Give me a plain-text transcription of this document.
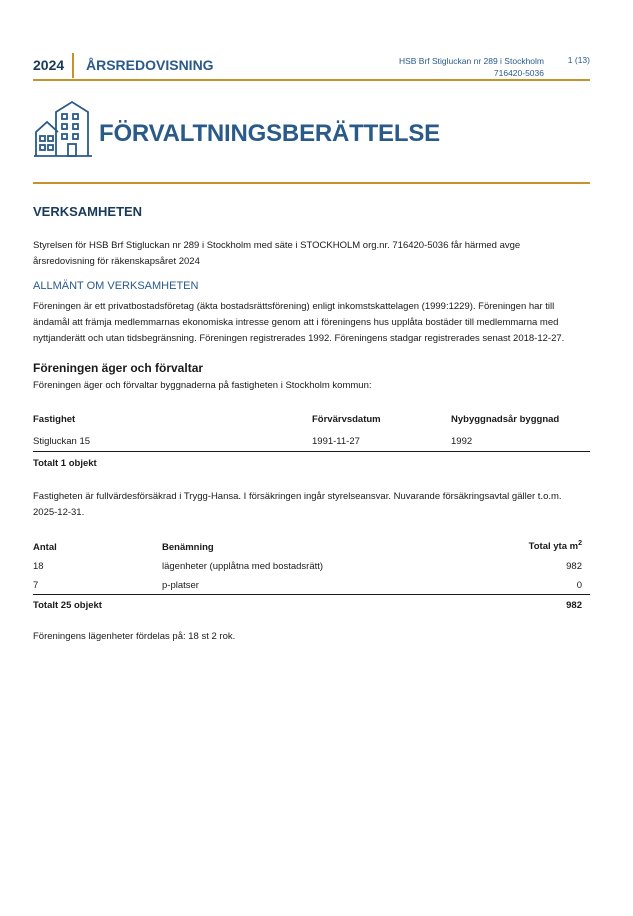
2024 ÅRSREDOVISNING	HSB Brf Stigluckan nr 289 i Stockholm
716420-5036
1 (13)
FÖRVALTNINGSBERÄTTELSE
VERKSAMHETEN
Styrelsen för HSB Brf Stigluckan nr 289 i Stockholm med säte i STOCKHOLM org.nr. 716420-5036 får härmed avge
årsredovisning för räkenskapsåret 2024
ALLMÄNT OM VERKSAMHETEN
Föreningen är ett privatbostadsföretag (äkta bostadsrättsförening) enligt inkomstskattelagen (1999:1229). Föreningen har till
ändamål att främja medlemmarnas ekonomiska intresse genom att i föreningens hus upplåta bostäder till medlemmarna med
nyttjanderätt och utan tidsbegränsning. Föreningen registrerades 1992. Föreningens stadgar registrerades senast 2018-12-27.
Föreningen äger och förvaltar
Föreningen äger och förvaltar byggnaderna på fastigheten i Stockholm kommun:
Fastighet	Förvärvsdatum	Nybyggnadsår byggnad
Stigluckan 15	1991-11-27	1992
Totalt 1 objekt
Fastigheten är fullvärdesförsäkrad i Trygg-Hansa. I försäkringen ingår styrelseansvar. Nuvarande försäkringsavtal gäller t.o.m.
2025-12-31.
Antal	Benämning	Total yta $m^2$
18	lägenheter (upplåtna med bostadsrätt)	982
7	p-platser	0
Totalt 25 objekt	982
Föreningens lägenheter fördelas på: 18 st 2 rok.
